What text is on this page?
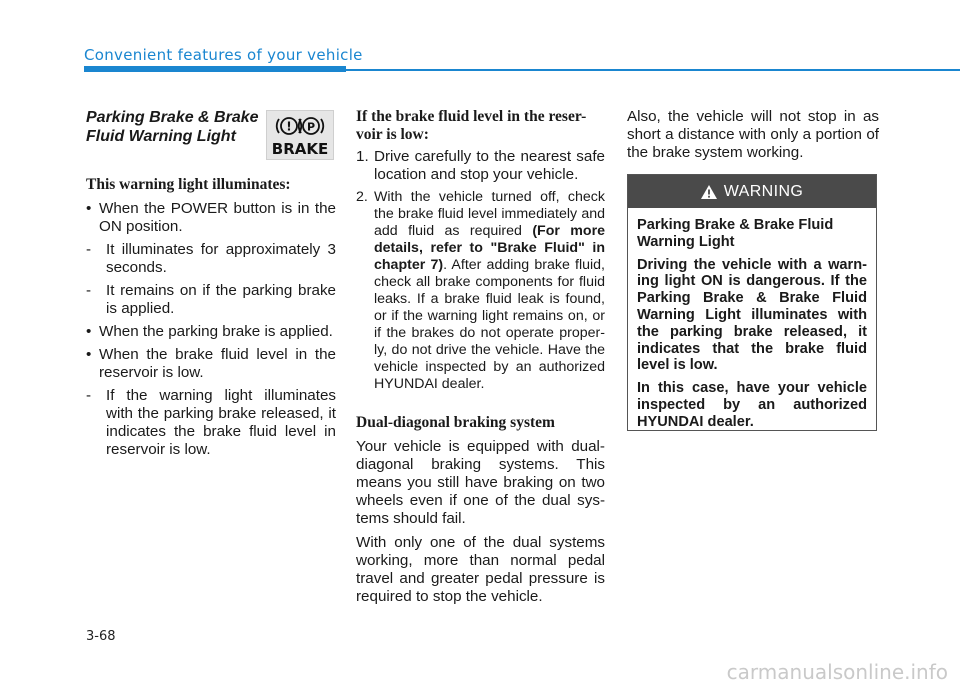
Convenient features of your vehicle
Parking Brake & Brake Fluid Warning Light
This warning light illuminates:
• When the POWER button is in the ON position.
- It illuminates for approximately 3 seconds.
- It remains on if the parking brake is applied.
• When the parking brake is applied.
• When the brake fluid level in the reservoir is low.
- If the warning light illuminates with the parking brake released, it indicates the brake fluid level in reservoir is low.
! P
BRAKE
If the brake fluid level in the reser-voir is low:
1. Drive carefully to the nearest safe location and stop your vehicle.
2. With the vehicle turned off, check the brake fluid level immediately and add fluid as required (For more details, refer to "Brake Fluid" in chapter 7). After adding brake fluid, check all brake components for fluid leaks. If a brake fluid leak is found, or if the warning light remains on, or if the brakes do not operate proper-ly, do not drive the vehicle. Have the vehicle inspected by an authorized HYUNDAI dealer.
Dual-diagonal braking system
Your vehicle is equipped with dual-diagonal braking systems. This means you still have braking on two wheels even if one of the dual sys-tems should fail.
With only one of the dual systems working, more than normal pedal travel and greater pedal pressure is required to stop the vehicle.
Also, the vehicle will not stop in as short a distance with only a portion of the brake system working.
WARNING
Parking Brake & Brake Fluid Warning Light
Driving the vehicle with a warn-ing light ON is dangerous. If the Parking Brake & Brake Fluid Warning Light illuminates with the parking brake released, it indicates that the brake fluid level is low.
In this case, have your vehicle inspected by an authorized HYUNDAI dealer.
3-68
carmanualsonline.info
